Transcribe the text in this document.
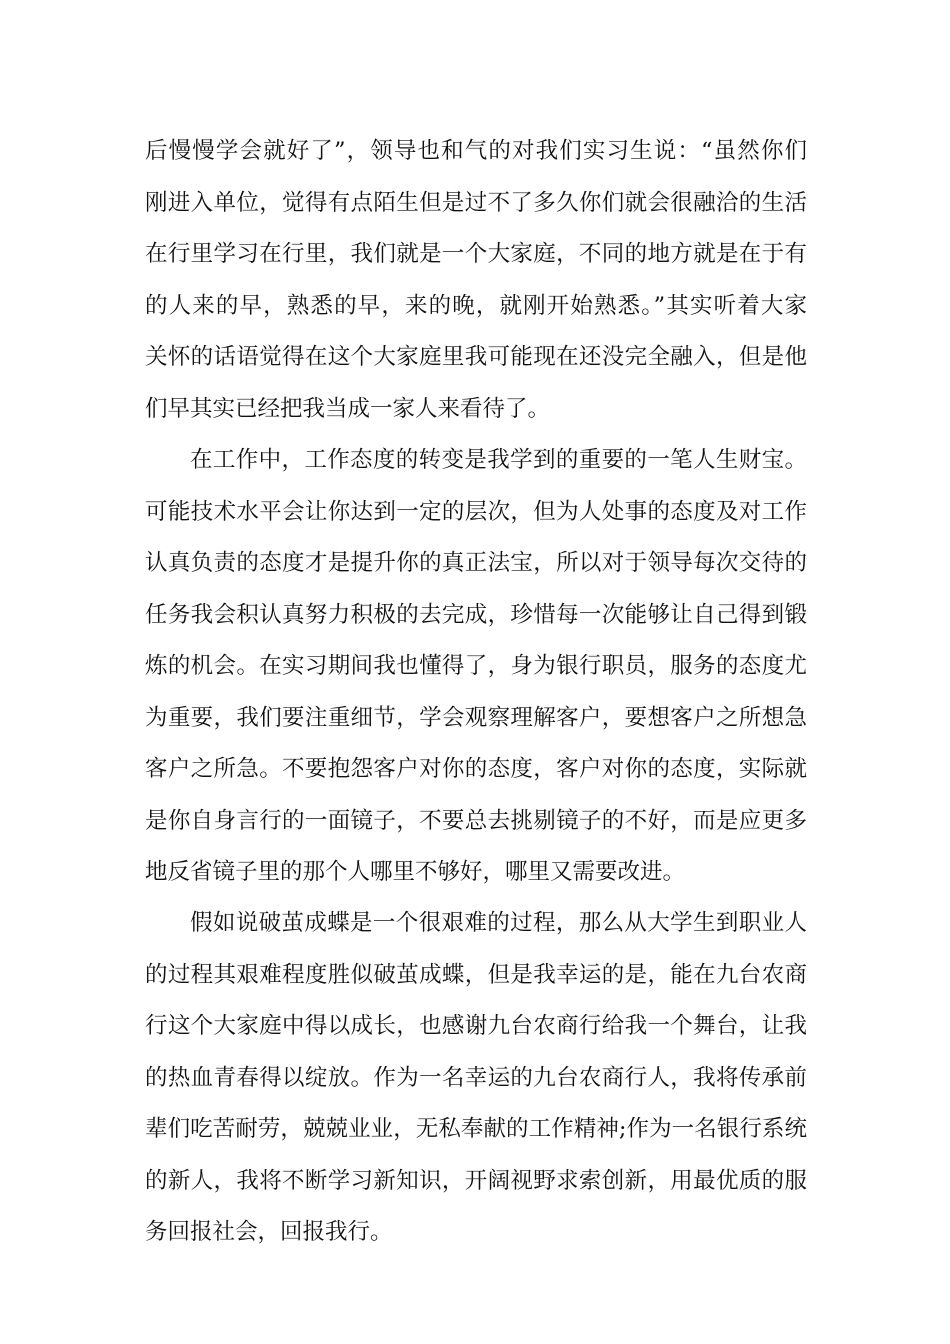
后慢慢学会就好了”，领导也和气的对我们实习生说：“虽然你们
刚进入单位，觉得有点陌生但是过不了多久你们就会很融洽的生活
在行里学习在行里，我们就是一个大家庭，不同的地方就是在于有
的人来的早，熟悉的早，来的晚，就刚开始熟悉。”其实听着大家
关怀的话语觉得在这个大家庭里我可能现在还没完全融入，但是他
们早其实已经把我当成一家人来看待了。
在工作中，工作态度的转变是我学到的重要的一笔人生财宝。
可能技术水平会让你达到一定的层次，但为人处事的态度及对工作
认真负责的态度才是提升你的真正法宝，所以对于领导每次交待的
任务我会积认真努力积极的去完成，珍惜每一次能够让自己得到锻
炼的机会。在实习期间我也懂得了，身为银行职员，服务的态度尤
为重要，我们要注重细节，学会观察理解客户，要想客户之所想急
客户之所急。不要抱怨客户对你的态度，客户对你的态度，实际就
是你自身言行的一面镜子，不要总去挑剔镜子的不好，而是应更多
地反省镜子里的那个人哪里不够好，哪里又需要改进。
假如说破茧成蝶是一个很艰难的过程，那么从大学生到职业人
的过程其艰难程度胜似破茧成蝶，但是我幸运的是，能在九台农商
行这个大家庭中得以成长，也感谢九台农商行给我一个舞台，让我
的热血青春得以绽放。作为一名幸运的九台农商行人，我将传承前
辈们吃苦耐劳，兢兢业业，无私奉献的工作精神;作为一名银行系统
的新人，我将不断学习新知识，开阔视野求索创新，用最优质的服
务回报社会，回报我行。
